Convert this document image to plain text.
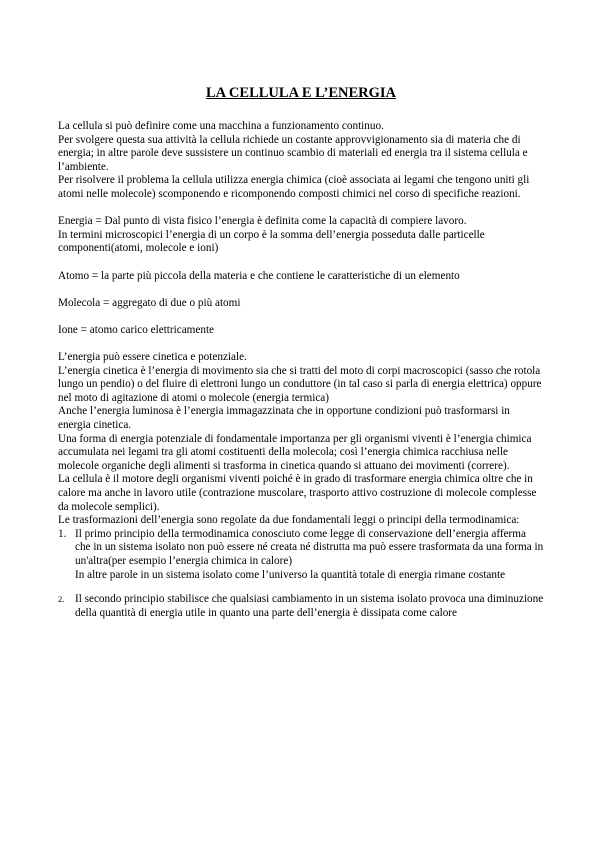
LA CELLULA E L’ENERGIA

La cellula si può definire come una macchina a funzionamento continuo.

Per svolgere questa sua attività la cellula richiede un costante approvvigionamento sia di materia che di energia; in altre parole deve sussistere un continuo scambio di materiali ed energia tra il sistema cellula e l’ambiente.

Per risolvere il problema la cellula utilizza energia chimica (cioè associata ai legami che tengono uniti gli atomi nelle molecole) scomponendo e ricomponendo composti chimici nel corso di specifiche reazioni.

Energia = Dal punto di vista fisico l’energia è definita come la capacità di compiere lavoro.

In termini microscopici l’energia di un corpo è la somma dell’energia posseduta dalle particelle componenti(atomi, molecole e ioni)

Atomo = la parte più piccola della materia e che contiene le caratteristiche di un elemento

Molecola = aggregato di due o più atomi

Ione = atomo carico elettricamente

L’energia può essere cinetica e potenziale.

L’energia cinetica è l’energia di movimento sia che si tratti del moto di corpi macroscopici (sasso che rotola lungo un pendio) o del fluire di elettroni lungo un conduttore (in tal caso si parla di energia elettrica) oppure nel moto di agitazione di atomi o molecole (energia termica)

Anche l’energia luminosa è l’energia immagazzinata che in opportune condizioni può trasformarsi in energia cinetica.

Una forma di energia potenziale di fondamentale importanza per gli organismi viventi è l’energia chimica accumulata nei legami tra gli atomi costituenti della molecola; così l’energia chimica racchiusa nelle molecole organiche degli alimenti si trasforma in cinetica quando si attuano dei movimenti (correre).

La cellula è il motore degli organismi viventi poiché è in grado di trasformare energia chimica oltre che in calore ma anche in lavoro utile (contrazione muscolare, trasporto attivo costruzione di molecole complesse da molecole semplici).

Le trasformazioni dell’energia sono regolate da due fondamentali leggi o principi della termodinamica:

1. Il primo principio della termodinamica conosciuto come legge di conservazione dell’energia afferma che in un sistema isolato non può essere né creata né distrutta ma può essere trasformata da una forma in un'altra(per esempio l’energia chimica in calore)

In altre parole in un sistema isolato come l’universo la quantità totale di energia rimane costante

2. Il secondo principio stabilisce che qualsiasi cambiamento in un sistema isolato provoca una diminuzione della quantità di energia utile in quanto una parte dell’energia è dissipata come calore
